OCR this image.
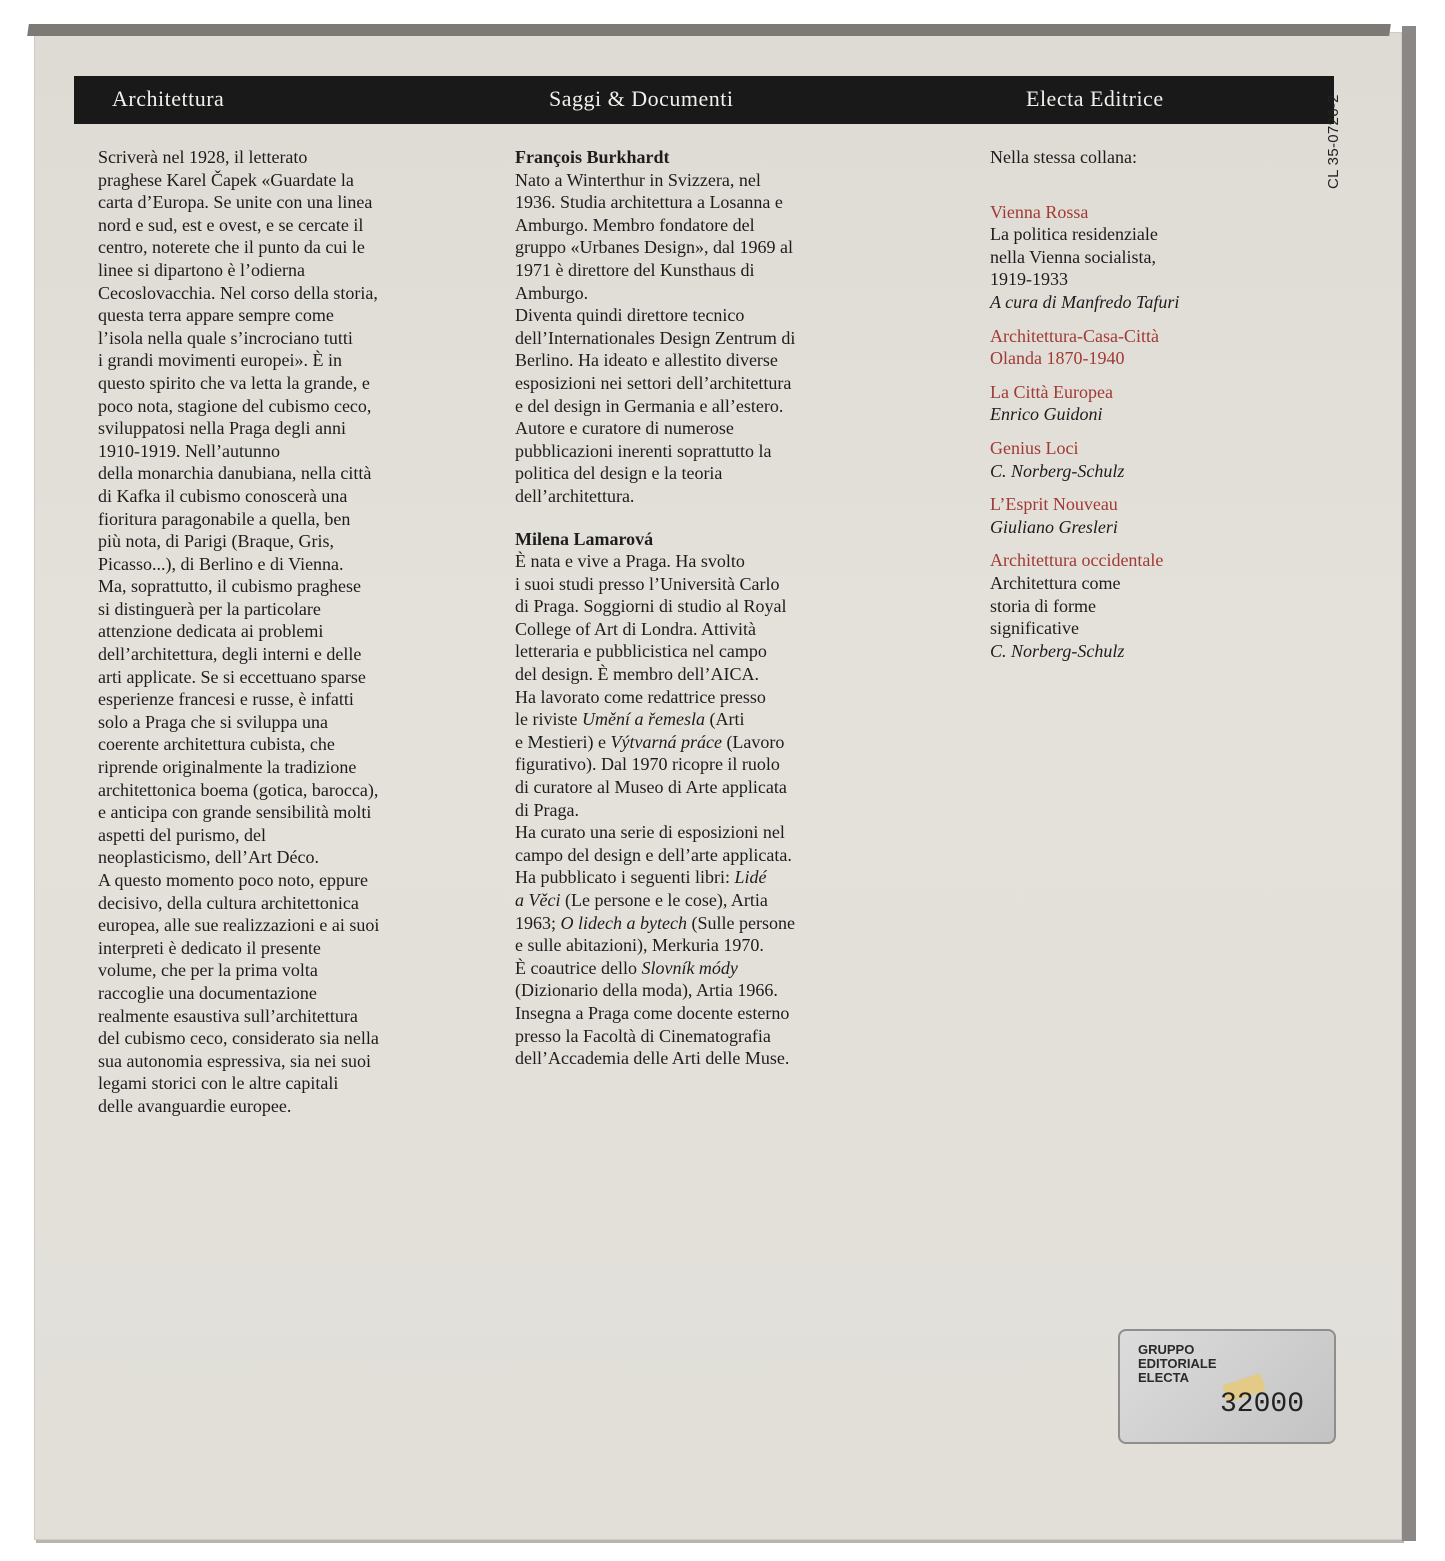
Architettura	Saggi & Documenti	Electa Editrice	CL 35-0726-2

Scriverà nel 1928, il letterato
praghese Karel Čapek «Guardate la
carta d’Europa. Se unite con una linea
nord e sud, est e ovest, e se cercate il
centro, noterete che il punto da cui le
linee si dipartono è l’odierna
Cecoslovacchia. Nel corso della storia,
questa terra appare sempre come
l’isola nella quale s’incrociano tutti
i grandi movimenti europei». È in
questo spirito che va letta la grande, e
poco nota, stagione del cubismo ceco,
sviluppatosi nella Praga degli anni
1910-1919. Nell’autunno
della monarchia danubiana, nella città
di Kafka il cubismo conoscerà una
fioritura paragonabile a quella, ben
più nota, di Parigi (Braque, Gris,
Picasso...), di Berlino e di Vienna.
Ma, soprattutto, il cubismo praghese
si distinguerà per la particolare
attenzione dedicata ai problemi
dell’architettura, degli interni e delle
arti applicate. Se si eccettuano sparse
esperienze francesi e russe, è infatti
solo a Praga che si sviluppa una
coerente architettura cubista, che
riprende originalmente la tradizione
architettonica boema (gotica, barocca),
e anticipa con grande sensibilità molti
aspetti del purismo, del
neoplasticismo, dell’Art Déco.
A questo momento poco noto, eppure
decisivo, della cultura architettonica
europea, alle sue realizzazioni e ai suoi
interpreti è dedicato il presente
volume, che per la prima volta
raccoglie una documentazione
realmente esaustiva sull’architettura
del cubismo ceco, considerato sia nella
sua autonomia espressiva, sia nei suoi
legami storici con le altre capitali
delle avanguardie europee.

François Burkhardt

Nato a Winterthur in Svizzera, nel
1936. Studia architettura a Losanna e
Amburgo. Membro fondatore del
gruppo «Urbanes Design», dal 1969 al
1971 è direttore del Kunsthaus di
Amburgo.
Diventa quindi direttore tecnico
dell’Internationales Design Zentrum di
Berlino. Ha ideato e allestito diverse
esposizioni nei settori dell’architettura
e del design in Germania e all’estero.
Autore e curatore di numerose
pubblicazioni inerenti soprattutto la
politica del design e la teoria
dell’architettura.

Milena Lamarová

È nata e vive a Praga. Ha svolto
i suoi studi presso l’Università Carlo
di Praga. Soggiorni di studio al Royal
College of Art di Londra. Attività
letteraria e pubblicistica nel campo
del design. È membro dell’AICA.
Ha lavorato come redattrice presso
le riviste Umění a řemesla (Arti
e Mestieri) e Výtvarná práce (Lavoro
figurativo). Dal 1970 ricopre il ruolo
di curatore al Museo di Arte applicata
di Praga.
Ha curato una serie di esposizioni nel
campo del design e dell’arte applicata.
Ha pubblicato i seguenti libri: Lidé
a Věci (Le persone e le cose), Artia
1963; O lidech a bytech (Sulle persone
e sulle abitazioni), Merkuria 1970.
È coautrice dello Slovník módy
(Dizionario della moda), Artia 1966.
Insegna a Praga come docente esterno
presso la Facoltà di Cinematografia
dell’Accademia delle Arti delle Muse.

Nella stessa collana:

Vienna Rossa
La politica residenziale
nella Vienna socialista,
1919-1933
A cura di Manfredo Tafuri
Architettura-Casa-Città
Olanda 1870-1940
La Città Europea
Enrico Guidoni
Genius Loci
C. Norberg-Schulz
L’Esprit Nouveau
Giuliano Gresleri
Architettura occidentale
Architettura come
storia di forme
significative
C. Norberg-Schulz
GRUPPO
EDITORIALE
ELECTA
32000
